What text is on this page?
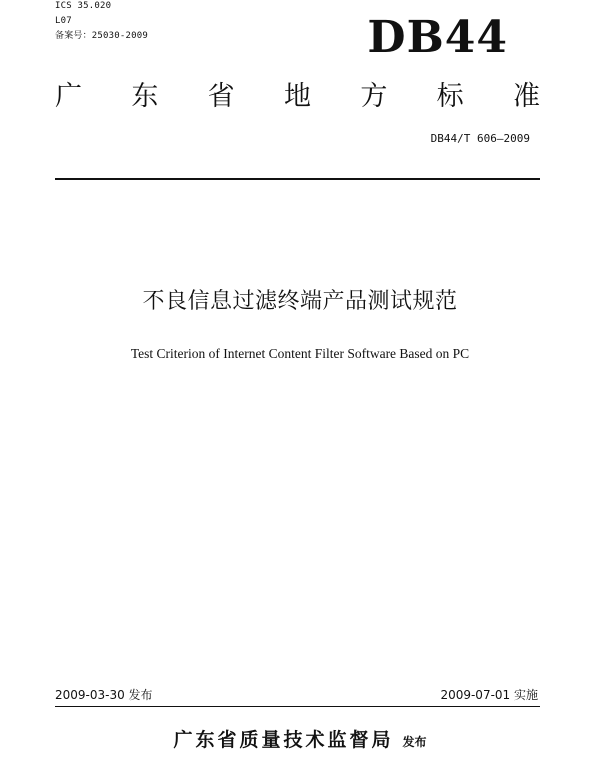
ICS 35.020
L07
备案号：25030-2009	DB44
广 东 省 地 方 标 准
DB44/T 606—2009
不良信息过滤终端产品测试规范
Test Criterion of Internet Content Filter Software Based on PC
2009-03-30 发布	2009-07-01 实施
广东省质量技术监督局 发布
